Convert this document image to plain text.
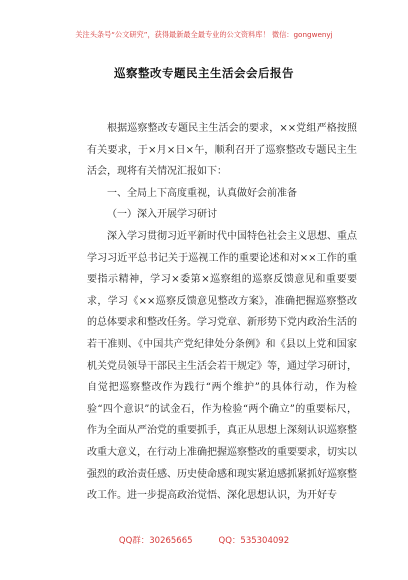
关注头条号“公文研究”，获得最新最全最专业的公文资料库！ 微信：gongwenyj
巡察整改专题民主生活会会后报告

根据巡察整改专题民主生活会的要求，××党组严格按照有关要求，于×月×日×午，顺利召开了巡察整改专题民主生活会，现将有关情况汇报如下：

一、全局上下高度重视，认真做好会前准备

（一）深入开展学习研讨

深入学习贯彻习近平新时代中国特色社会主义思想、重点学习习近平总书记关于巡视工作的重要论述和对××工作的重要指示精神，学习×委第×巡察组的巡察反馈意见和重要要求，学习《××巡察反馈意见整改方案》，准确把握巡察整改的总体要求和整改任务。学习党章、新形势下党内政治生活的若干准则、《中国共产党纪律处分条例》和《县以上党和国家机关党员领导干部民主生活会若干规定》等，通过学习研讨，自觉把巡察整改作为践行“两个维护”的具体行动，作为检验“四个意识”的试金石，作为检验“两个确立”的重要标尺，作为全面从严治党的重要抓手，真正从思想上深刻认识巡察整改重大意义，在行动上准确把握巡察整改的重要要求，切实以强烈的政治责任感、历史使命感和现实紧迫感抓紧抓好巡察整改工作。进一步提高政治觉悟、深化思想认识，为开好专

QQ群：30265665	QQ：535304092
